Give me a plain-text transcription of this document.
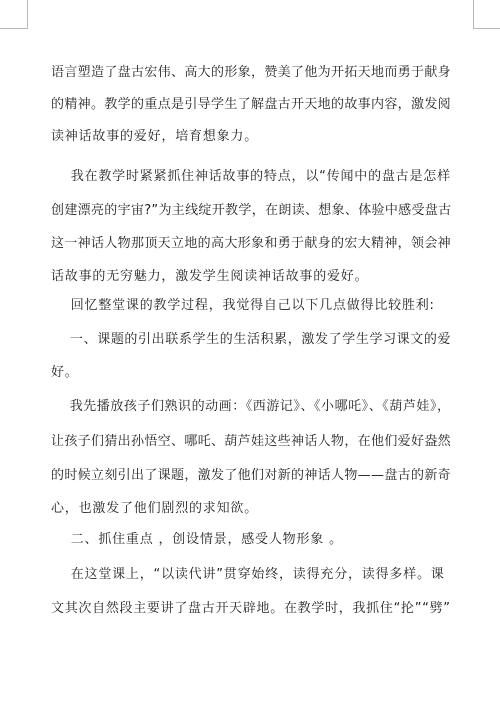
语言塑造了盘古宏伟、高大的形象，赞美了他为开拓天地而勇于献身
的精神。教学的重点是引导学生了解盘古开天地的故事内容，激发阅
读神话故事的爱好，培育想象力。
我在教学时紧紧抓住神话故事的特点，以“传闻中的盘古是怎样
创建漂亮的宇宙?”为主线绽开教学，在朗读、想象、体验中感受盘古
这一神话人物那顶天立地的高大形象和勇于献身的宏大精神，领会神
话故事的无穷魅力，激发学生阅读神话故事的爱好。
回忆整堂课的教学过程，我觉得自己以下几点做得比较胜利:
一、课题的引出联系学生的生活积累，激发了学生学习课文的爱
好。
我先播放孩子们熟识的动画：《西游记》、《小哪吒》、《葫芦娃》，
让孩子们猜出孙悟空、哪吒、葫芦娃这些神话人物，在他们爱好盎然
的时候立刻引出了课题，激发了他们对新的神话人物——盘古的新奇
心，也激发了他们剧烈的求知欲。
二、抓住重点 ，创设情景，感受人物形象 。
在这堂课上，“以读代讲”贯穿始终，读得充分，读得多样。课
文其次自然段主要讲了盘古开天辟地。在教学时，我抓住“抡”“劈”
